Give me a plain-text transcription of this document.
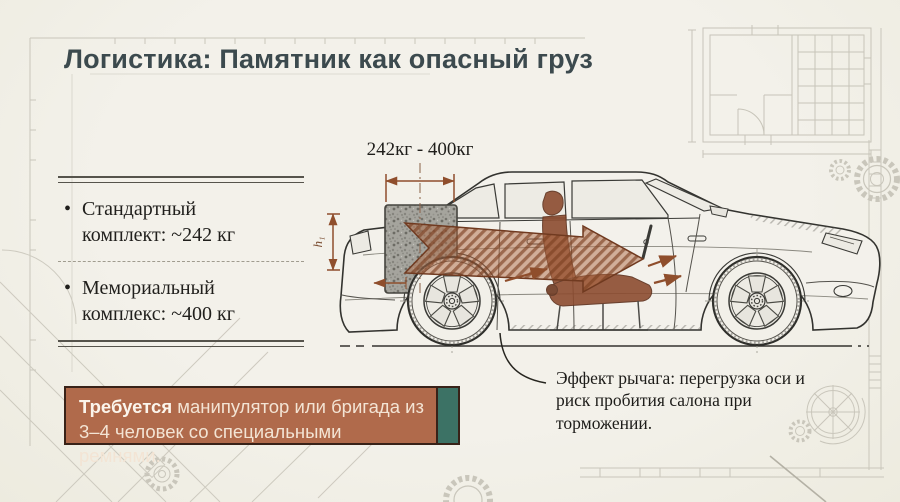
Логистика: Памятник как опасный груз
• Стандартный комплект: ~242 кг
• Мемориальный комплекс: ~400 кг
242кг - 400кг
h₁
Эффект рычага: перегрузка оси и риск пробития салона при торможении.
Требуется манипулятор или бригада из 3–4 человек со специальными ремнями.
